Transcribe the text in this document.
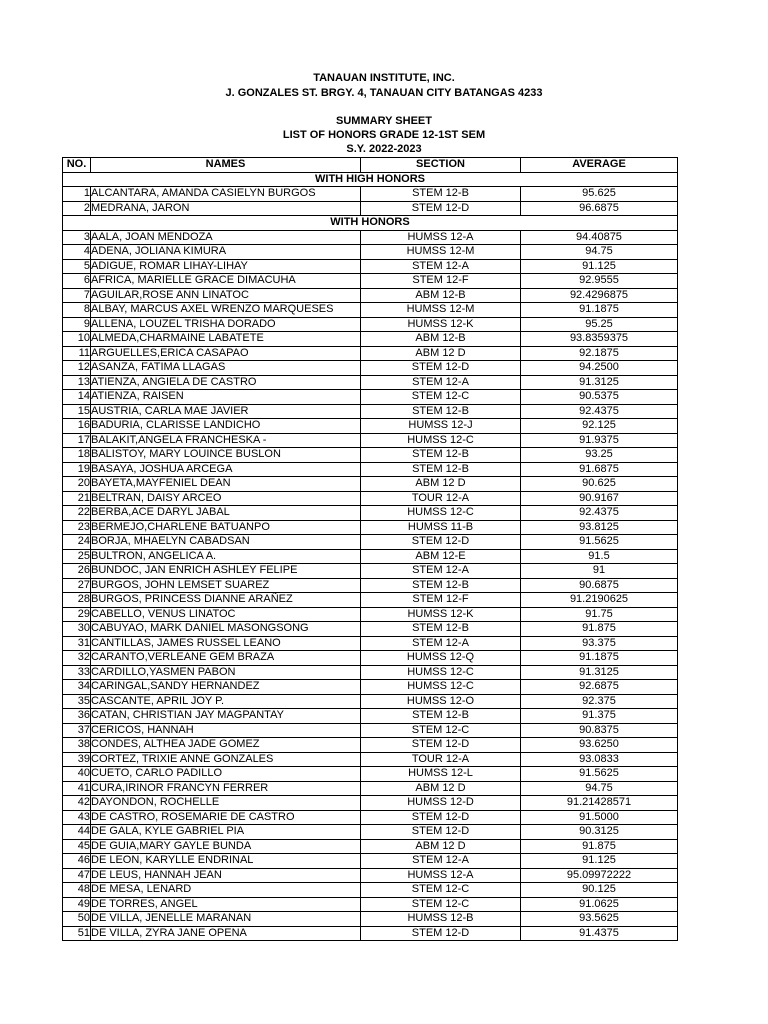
TANAUAN INSTITUTE, INC.
J. GONZALES ST. BRGY. 4, TANAUAN CITY BATANGAS 4233
SUMMARY SHEET
LIST OF HONORS GRADE 12-1ST SEM
S.Y. 2022-2023
NO.	NAMES	SECTION	AVERAGE
WITH HIGH HONORS			
1	ALCANTARA, AMANDA CASIELYN BURGOS	STEM 12-B	95.625
2	MEDRANA, JARON	STEM 12-D	96.6875
WITH HONORS			
3	AALA, JOAN MENDOZA	HUMSS 12-A	94.40875
4	ADENA, JOLIANA KIMURA	HUMSS 12-M	94.75
5	ADIGUE, ROMAR LIHAY-LIHAY	STEM 12-A	91.125
6	AFRICA, MARIELLE GRACE DIMACUHA	STEM 12-F	92.9555
7	AGUILAR,ROSE ANN LINATOC	ABM 12-B	92.4296875
8	ALBAY, MARCUS AXEL WRENZO MARQUESES	HUMSS 12-M	91.1875
9	ALLENA, LOUZEL TRISHA DORADO	HUMSS 12-K	95.25
10	ALMEDA,CHARMAINE LABATETE	ABM 12-B	93.8359375
11	ARGUELLES,ERICA CASAPAO	ABM 12 D	92.1875
12	ASANZA, FATIMA LLAGAS	STEM 12-D	94.2500
13	ATIENZA, ANGIELA DE CASTRO	STEM 12-A	91.3125
14	ATIENZA, RAISEN	STEM 12-C	90.5375
15	AUSTRIA, CARLA MAE JAVIER	STEM 12-B	92.4375
16	BADURIA, CLARISSE LANDICHO	HUMSS 12-J	92.125
17	BALAKIT,ANGELA FRANCHESKA -	HUMSS 12-C	91.9375
18	BALISTOY, MARY LOUINCE BUSLON	STEM 12-B	93.25
19	BASAYA, JOSHUA ARCEGA	STEM 12-B	91.6875
20	BAYETA,MAYFENIEL DEAN	ABM 12 D	90.625
21	BELTRAN, DAISY ARCEO	TOUR 12-A	90.9167
22	BERBA,ACE DARYL JABAL	HUMSS 12-C	92.4375
23	BERMEJO,CHARLENE BATUANPO	HUMSS 11-B	93.8125
24	BORJA, MHAELYN CABADSAN	STEM 12-D	91.5625
25	BULTRON, ANGELICA A.	ABM 12-E	91.5
26	BUNDOC, JAN ENRICH ASHLEY FELIPE	STEM 12-A	91
27	BURGOS, JOHN LEMSET SUAREZ	STEM 12-B	90.6875
28	BURGOS, PRINCESS DIANNE ARAÑEZ	STEM 12-F	91.2190625
29	CABELLO, VENUS LINATOC	HUMSS 12-K	91.75
30	CABUYAO, MARK DANIEL MASONGSONG	STEM 12-B	91.875
31	CANTILLAS, JAMES RUSSEL LEANO	STEM 12-A	93.375
32	CARANTO,VERLEANE GEM BRAZA	HUMSS 12-Q	91.1875
33	CARDILLO,YASMEN PABON	HUMSS 12-C	91.3125
34	CARINGAL,SANDY HERNANDEZ	HUMSS 12-C	92.6875
35	CASCANTE, APRIL JOY P.	HUMSS 12-O	92.375
36	CATAN, CHRISTIAN JAY MAGPANTAY	STEM 12-B	91.375
37	CERICOS, HANNAH	STEM 12-C	90.8375
38	CONDES, ALTHEA JADE GOMEZ	STEM 12-D	93.6250
39	CORTEZ, TRIXIE ANNE GONZALES	TOUR 12-A	93.0833
40	CUETO, CARLO PADILLO	HUMSS 12-L	91.5625
41	CURA,IRINOR FRANCYN FERRER	ABM 12 D	94.75
42	DAYONDON, ROCHELLE	HUMSS 12-D	91.21428571
43	DE CASTRO, ROSEMARIE DE CASTRO	STEM 12-D	91.5000
44	DE GALA, KYLE GABRIEL PIA	STEM 12-D	90.3125
45	DE GUIA,MARY GAYLE BUNDA	ABM 12 D	91.875
46	DE LEON, KARYLLE ENDRINAL	STEM 12-A	91.125
47	DE LEUS, HANNAH JEAN	HUMSS 12-A	95.09972222
48	DE MESA, LENARD	STEM 12-C	90.125
49	DE TORRES, ANGEL	STEM 12-C	91.0625
50	DE VILLA, JENELLE MARANAN	HUMSS 12-B	93.5625
51	DE VILLA, ZYRA JANE OPENA	STEM 12-D	91.4375
